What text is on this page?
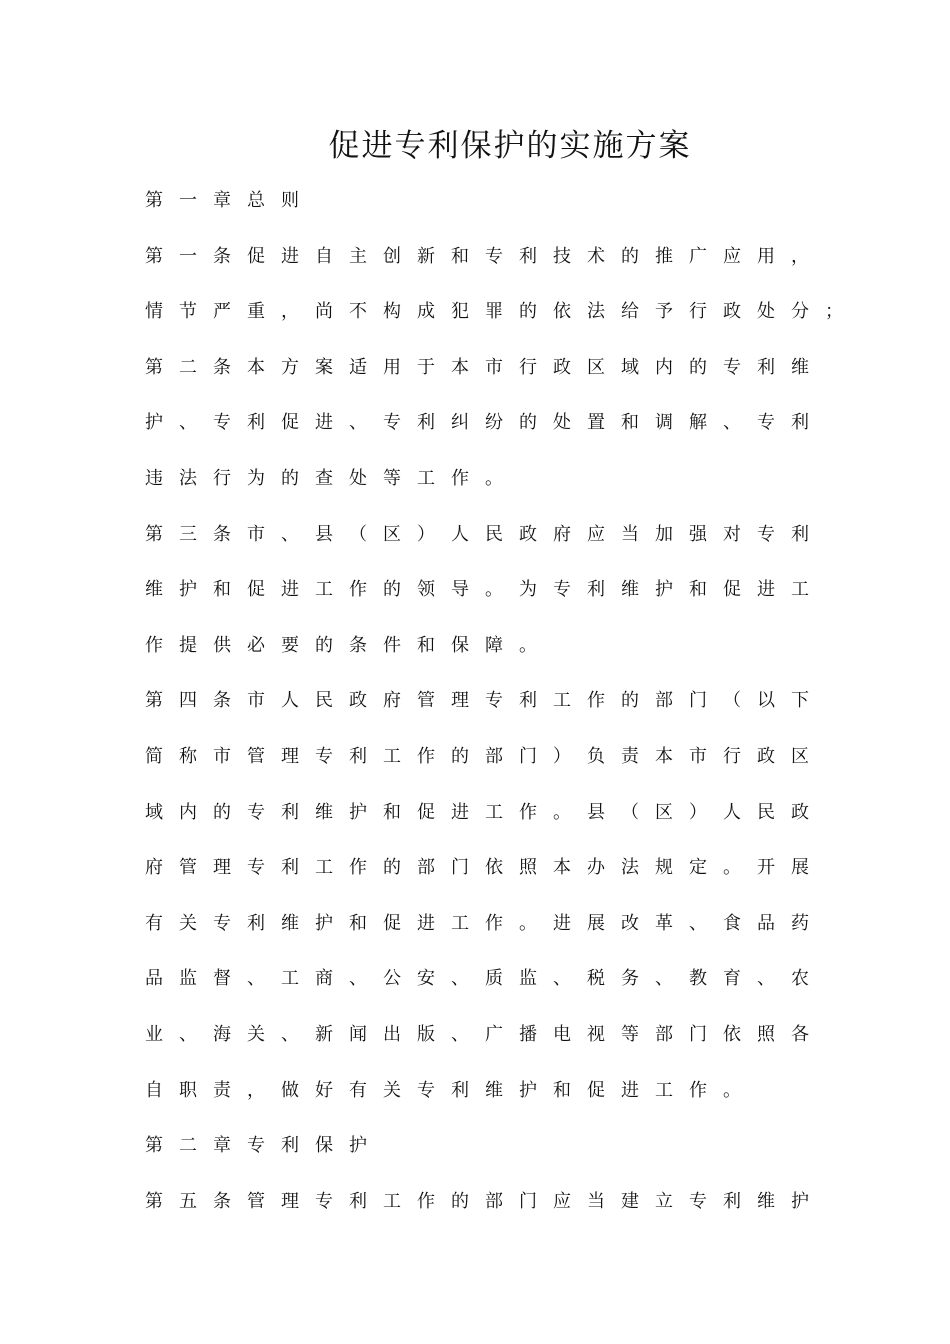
促进专利保护的实施方案
第一章总则
第一条促进自主创新和专利技术的推广应用，
情节严重，尚不构成犯罪的依法给予行政处分；
第二条本方案适用于本市行政区域内的专利维
护、专利促进、专利纠纷的处置和调解、专利
违法行为的查处等工作。
第三条市、县（区）人民政府应当加强对专利
维护和促进工作的领导。为专利维护和促进工
作提供必要的条件和保障。
第四条市人民政府管理专利工作的部门（以下
简称市管理专利工作的部门）负责本市行政区
域内的专利维护和促进工作。县（区）人民政
府管理专利工作的部门依照本办法规定。开展
有关专利维护和促进工作。进展改革、食品药
品监督、工商、公安、质监、税务、教育、农
业、海关、新闻出版、广播电视等部门依照各
自职责，做好有关专利维护和促进工作。
第二章专利保护
第五条管理专利工作的部门应当建立专利维护
